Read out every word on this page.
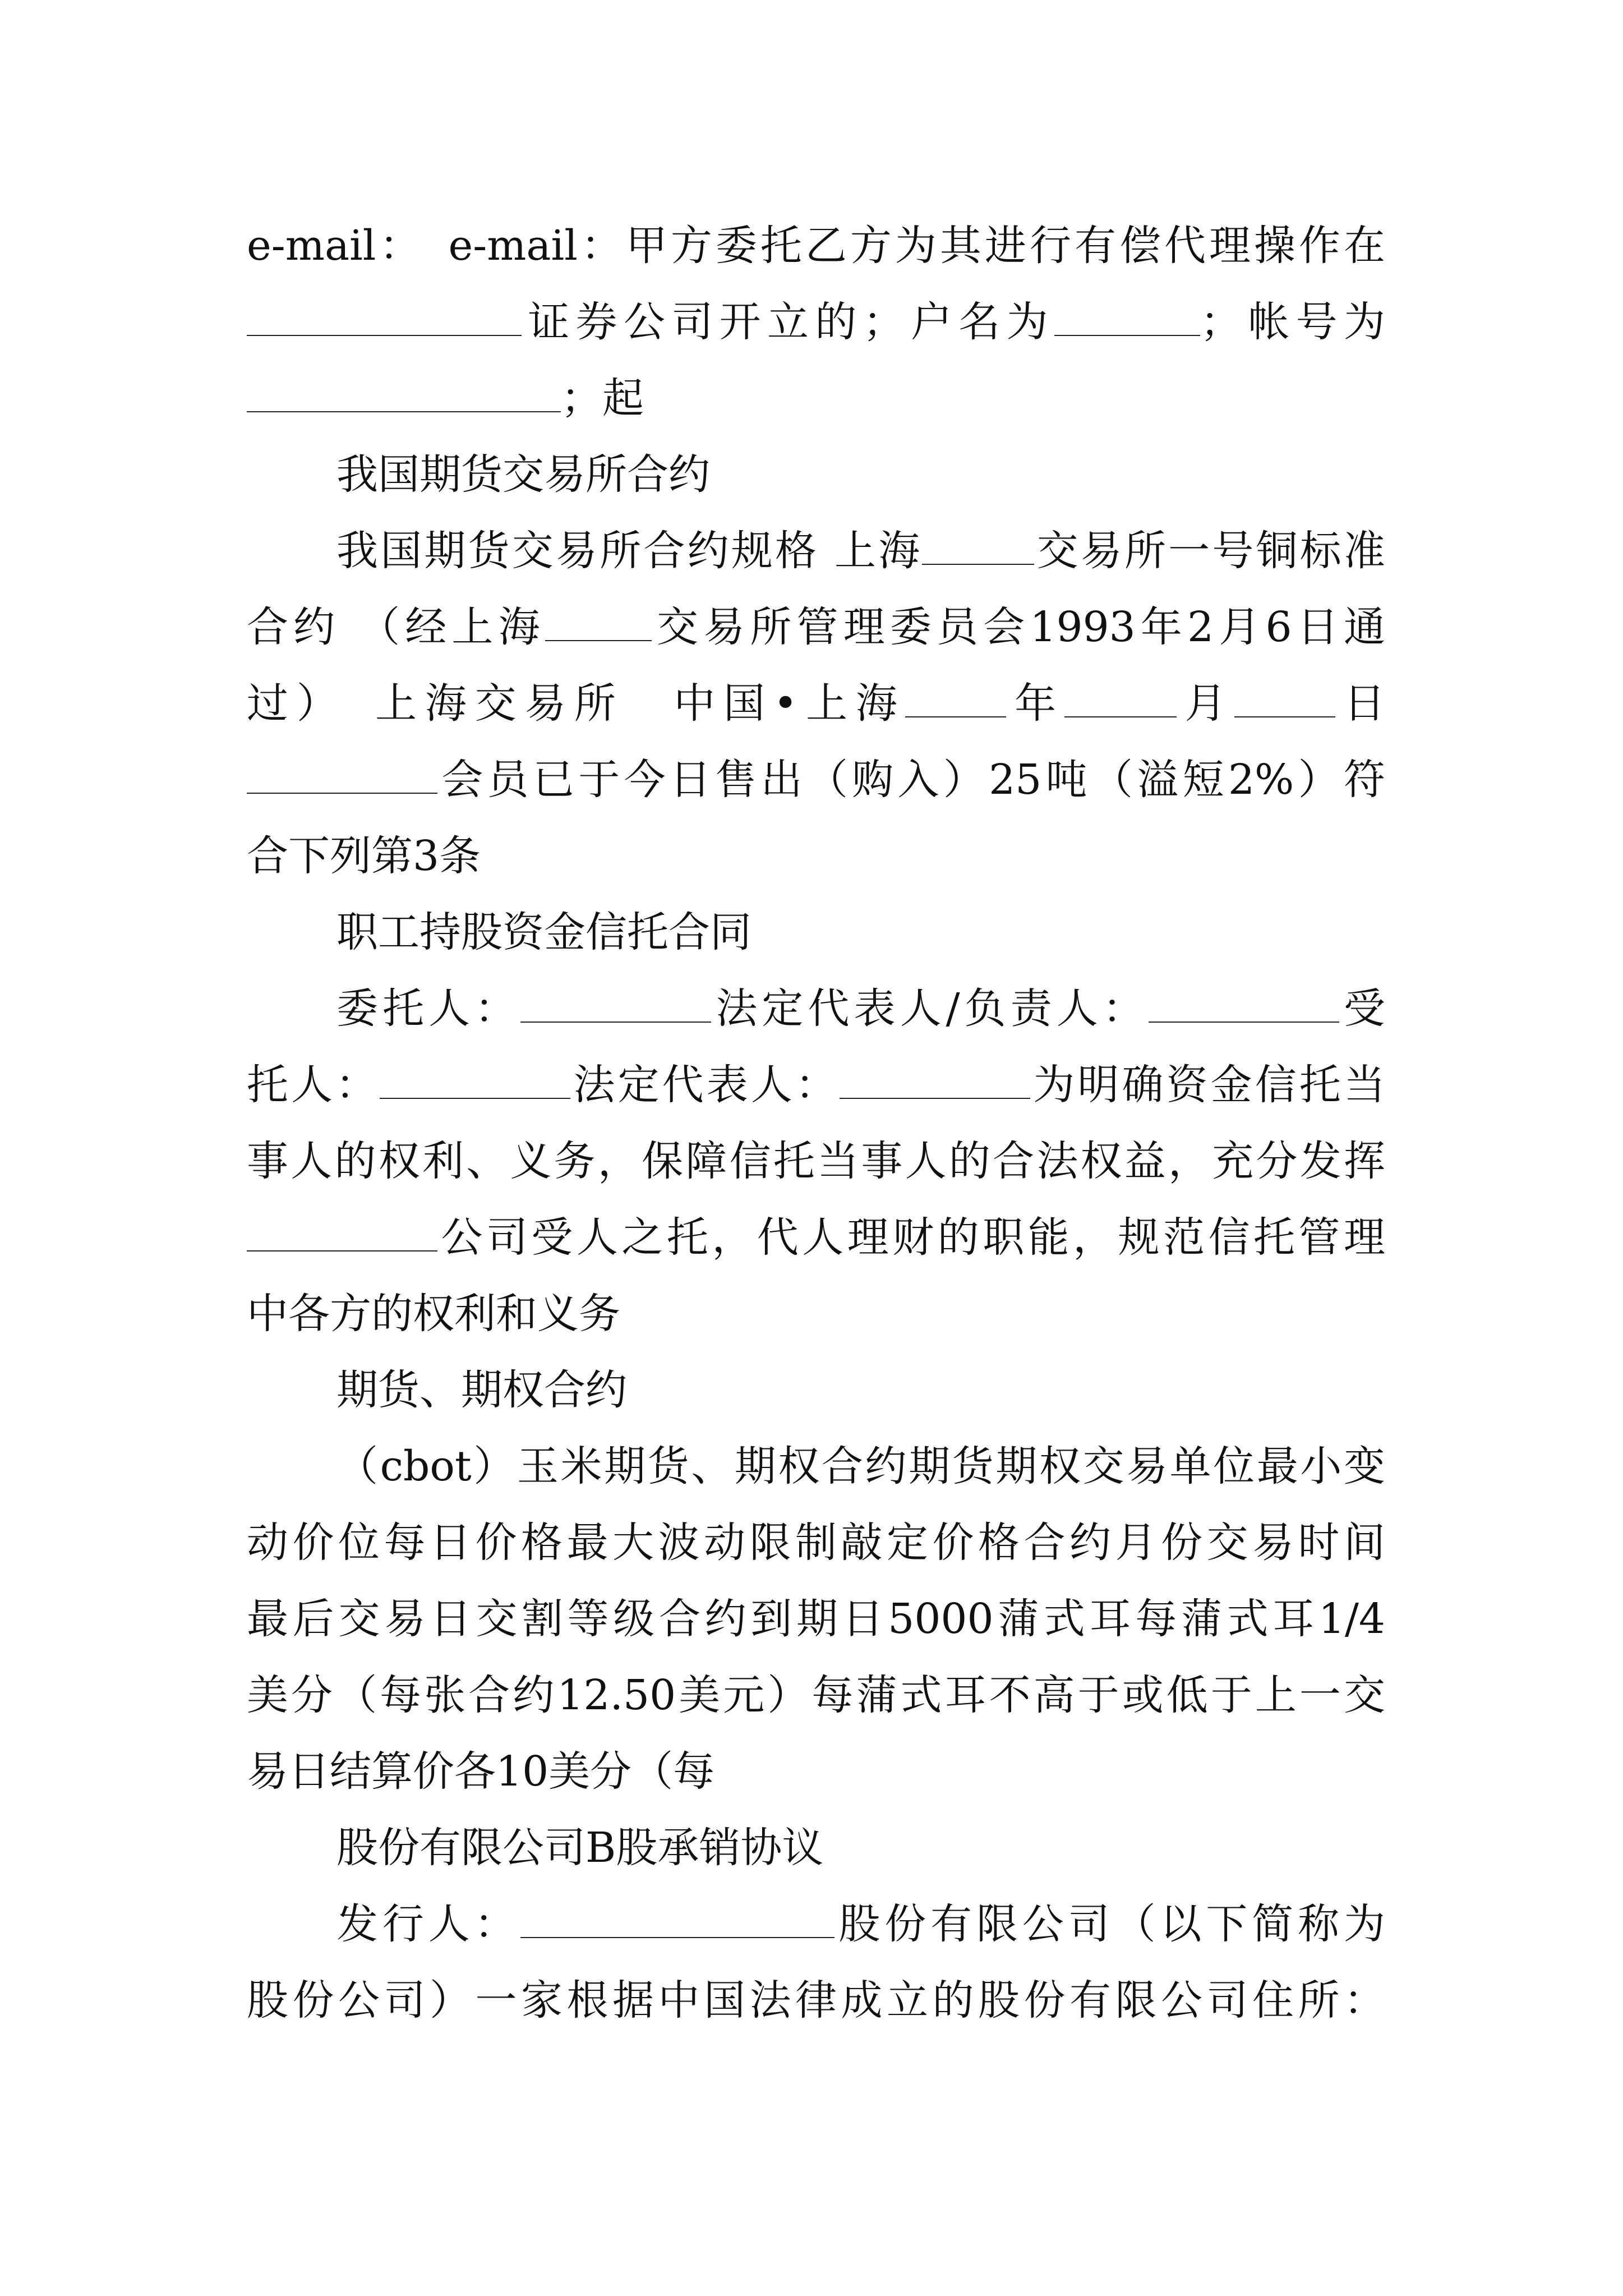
e-mail：　e-mail：甲方委托乙方为其进行有偿代理操作在
证券公司开立的；户名为	；帐号为
；起
我国期货交易所合约
我国期货交易所合约规格 上海	交易所一号铜标准
合约 （经上海	交易所管理委员会1993年2月6日通
过）　上海交易所　中国•上海 年	月 日
会员已于今日售出（购入）25吨（溢短2%）符
合下列第3条
职工持股资金信托合同
委托人：	法定代表人/负责人：	受
托人：	法定代表人：	为明确资金信托当
事人的权利、义务，保障信托当事人的合法权益，充分发挥
公司受人之托，代人理财的职能，规范信托管理
中各方的权利和义务
期货、期权合约
（cbot）玉米期货、期权合约期货期权交易单位最小变
动价位每日价格最大波动限制敲定价格合约月份交易时间
最后交易日交割等级合约到期日5000蒲式耳每蒲式耳1/4
美分（每张合约12.50美元）每蒲式耳不高于或低于上一交
易日结算价各10美分（每
股份有限公司B股承销协议
发行人：	股份有限公司（以下简称为
股份公司）一家根据中国法律成立的股份有限公司住所：
